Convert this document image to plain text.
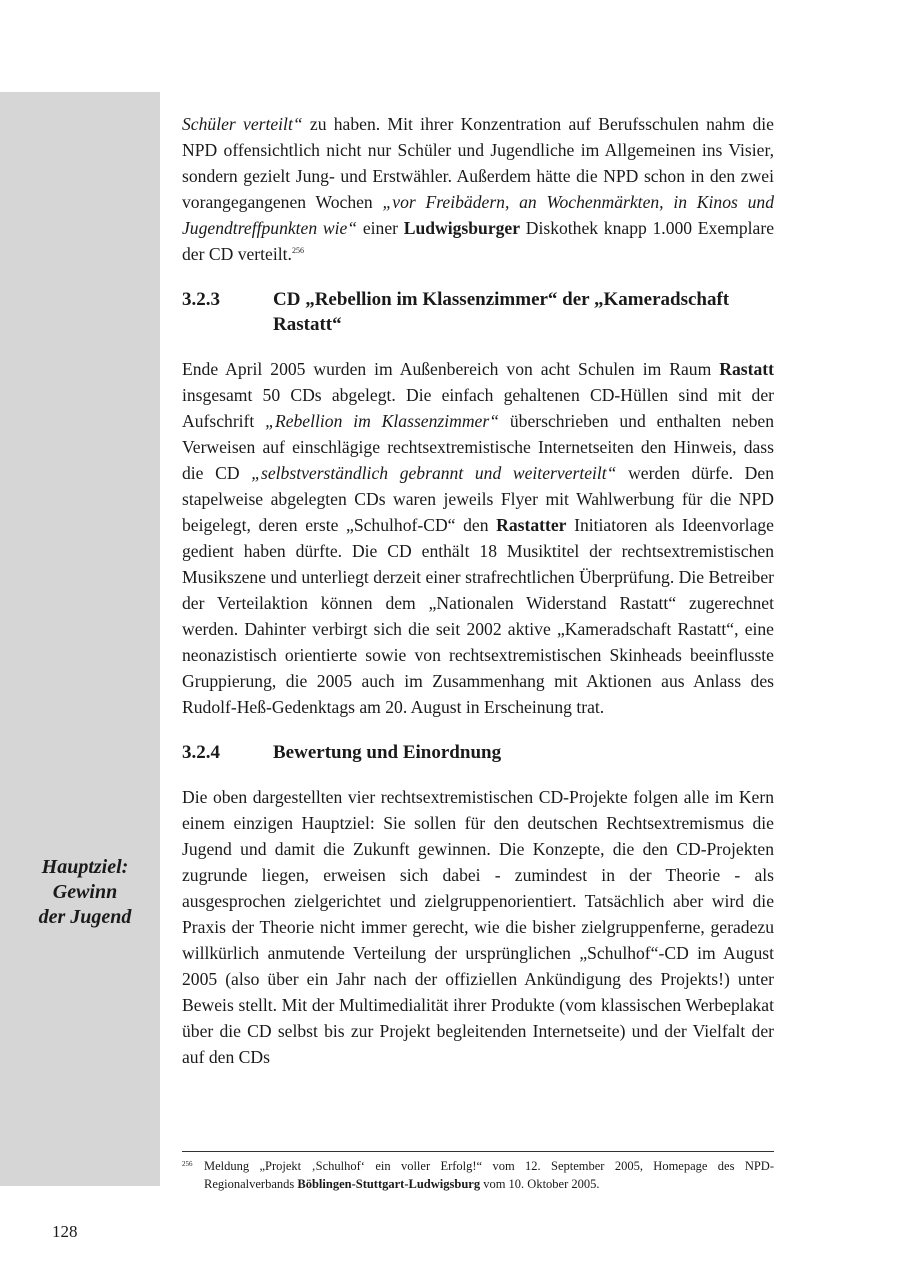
Hauptziel:
Gewinn
der Jugend

Schüler verteilt“ zu haben. Mit ihrer Konzentration auf Berufsschulen nahm die NPD offensichtlich nicht nur Schüler und Jugendliche im Allgemeinen ins Visier, sondern gezielt Jung- und Erstwähler. Außerdem hätte die NPD schon in den zwei vorangegangenen Wochen „vor Freibädern, an Wochenmärkten, in Kinos und Jugendtreffpunkten wie“ einer Ludwigsburger Diskothek knapp 1.000 Exemplare der CD verteilt.$^{256}$

3.2.3	CD „Rebellion im Klassenzimmer“ der „Kameradschaft Rastatt“

Ende April 2005 wurden im Außenbereich von acht Schulen im Raum Rastatt insgesamt 50 CDs abgelegt. Die einfach gehaltenen CD-Hüllen sind mit der Aufschrift „Rebellion im Klassenzimmer“ überschrieben und enthalten neben Verweisen auf einschlägige rechtsextremistische Internetseiten den Hinweis, dass die CD „selbstverständlich gebrannt und weiterverteilt“ werden dürfe. Den stapelweise abgelegten CDs waren jeweils Flyer mit Wahlwerbung für die NPD beigelegt, deren erste „Schulhof-CD“ den Rastatter Initiatoren als Ideenvorlage gedient haben dürfte. Die CD enthält 18 Musiktitel der rechtsextremistischen Musikszene und unterliegt derzeit einer strafrechtlichen Überprüfung. Die Betreiber der Verteilaktion können dem „Nationalen Widerstand Rastatt“ zugerechnet werden. Dahinter verbirgt sich die seit 2002 aktive „Kameradschaft Rastatt“, eine neonazistisch orientierte sowie von rechtsextremistischen Skinheads beeinflusste Gruppierung, die 2005 auch im Zusammenhang mit Aktionen aus Anlass des Rudolf-Heß-Gedenktags am 20. August in Erscheinung trat.

3.2.4	Bewertung und Einordnung

Die oben dargestellten vier rechtsextremistischen CD-Projekte folgen alle im Kern einem einzigen Hauptziel: Sie sollen für den deutschen Rechtsextremismus die Jugend und damit die Zukunft gewinnen. Die Konzepte, die den CD-Projekten zugrunde liegen, erweisen sich dabei - zumindest in der Theorie - als ausgesprochen zielgerichtet und zielgruppenorientiert. Tatsächlich aber wird die Praxis der Theorie nicht immer gerecht, wie die bisher zielgruppenferne, geradezu willkürlich anmutende Verteilung der ursprünglichen „Schulhof“-CD im August 2005 (also über ein Jahr nach der offiziellen Ankündigung des Projekts!) unter Beweis stellt. Mit der Multimedialität ihrer Produkte (vom klassischen Werbeplakat über die CD selbst bis zur Projekt begleitenden Internetseite) und der Vielfalt der auf den CDs

256 Meldung „Projekt ‚Schulhof‘ ein voller Erfolg!“ vom 12. September 2005, Homepage des NPD-Regionalverbands Böblingen-Stuttgart-Ludwigsburg vom 10. Oktober 2005.
128
